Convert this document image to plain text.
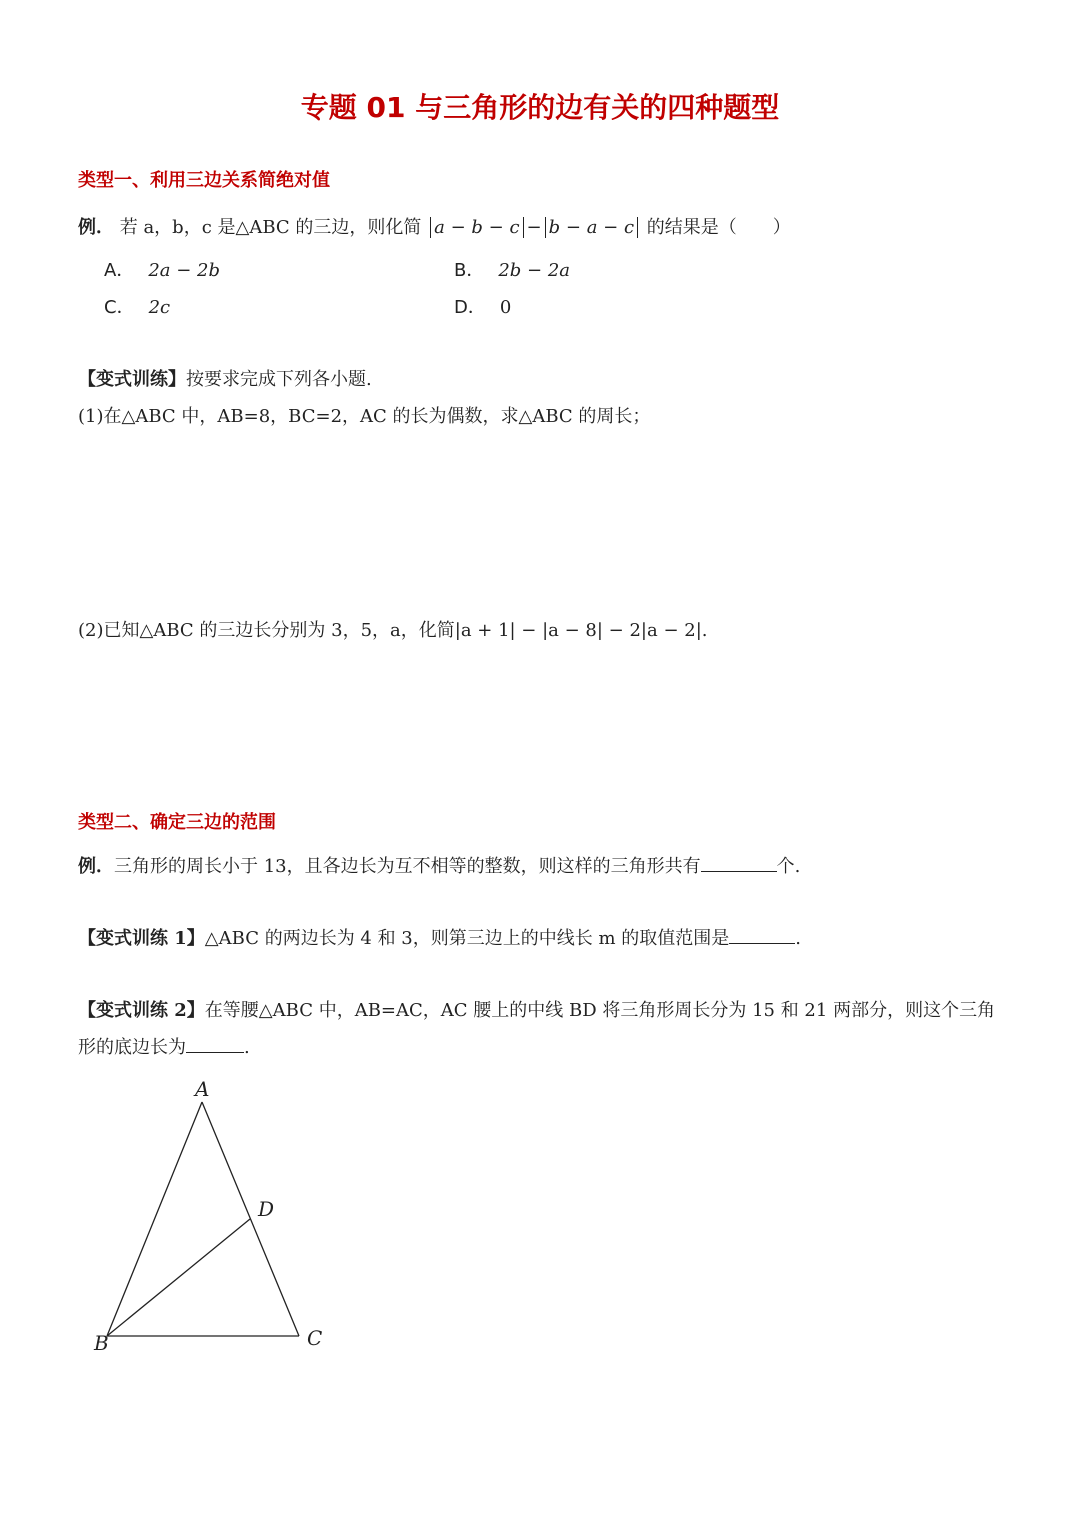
专题 01 与三角形的边有关的四种题型
类型一、利用三边关系简绝对值
例． 若 a，b，c 是△ABC 的三边，则化简 a − b − c − b − a − c 的结果是（　　）
A． 2a − 2b	B． 2b − 2a
C． 2c	D． 0
【变式训练】按要求完成下列各小题.
(1)在△ABC 中，AB=8，BC=2，AC 的长为偶数，求△ABC 的周长；
(2)已知△ABC 的三边长分别为 3，5，a，化简|a + 1| − |a − 8| − 2|a − 2|.
类型二、确定三边的范围
例．三角形的周长小于 13，且各边长为互不相等的整数，则这样的三角形共有	个.
【变式训练 1】△ABC 的两边长为 4 和 3，则第三边上的中线长 m 的取值范围是	.
【变式训练 2】在等腰△ABC 中，AB=AC，AC 腰上的中线 BD 将三角形周长分为 15 和 21 两部分，则这个三角
形的底边长为	.
A
D
B	C
